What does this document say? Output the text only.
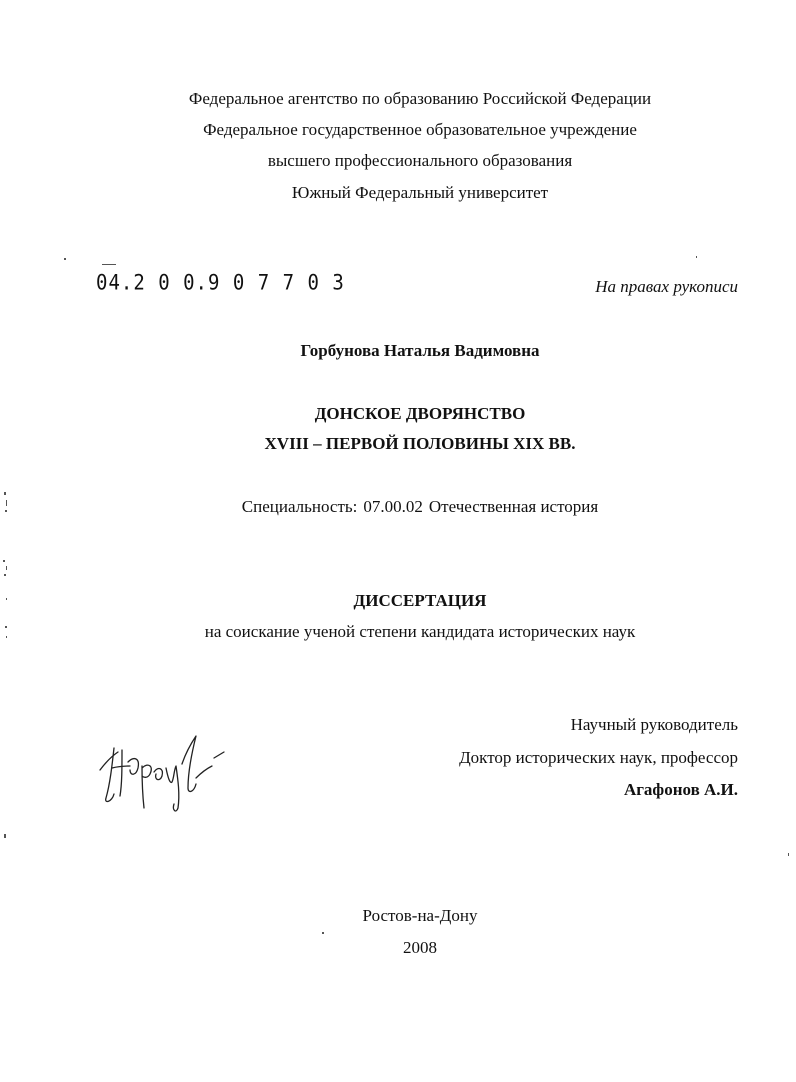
Федеральное агентство по образованию Российской Федерации
Федеральное государственное образовательное учреждение
высшего профессионального образования
Южный Федеральный университет
04.2 0 0.9 0 7 7 0 3	На правах рукописи
Горбунова Наталья Вадимовна
ДОНСКОЕ ДВОРЯНСТВО
XVIII – ПЕРВОЙ ПОЛОВИНЫ XIX ВВ.
Специальность: 07.00.02 Отечественная история
ДИССЕРТАЦИЯ
на соискание ученой степени кандидата исторических наук
Научный руководитель
Доктор исторических наук, профессор
Агафонов А.И.
Ростов-на-Дону
2008
